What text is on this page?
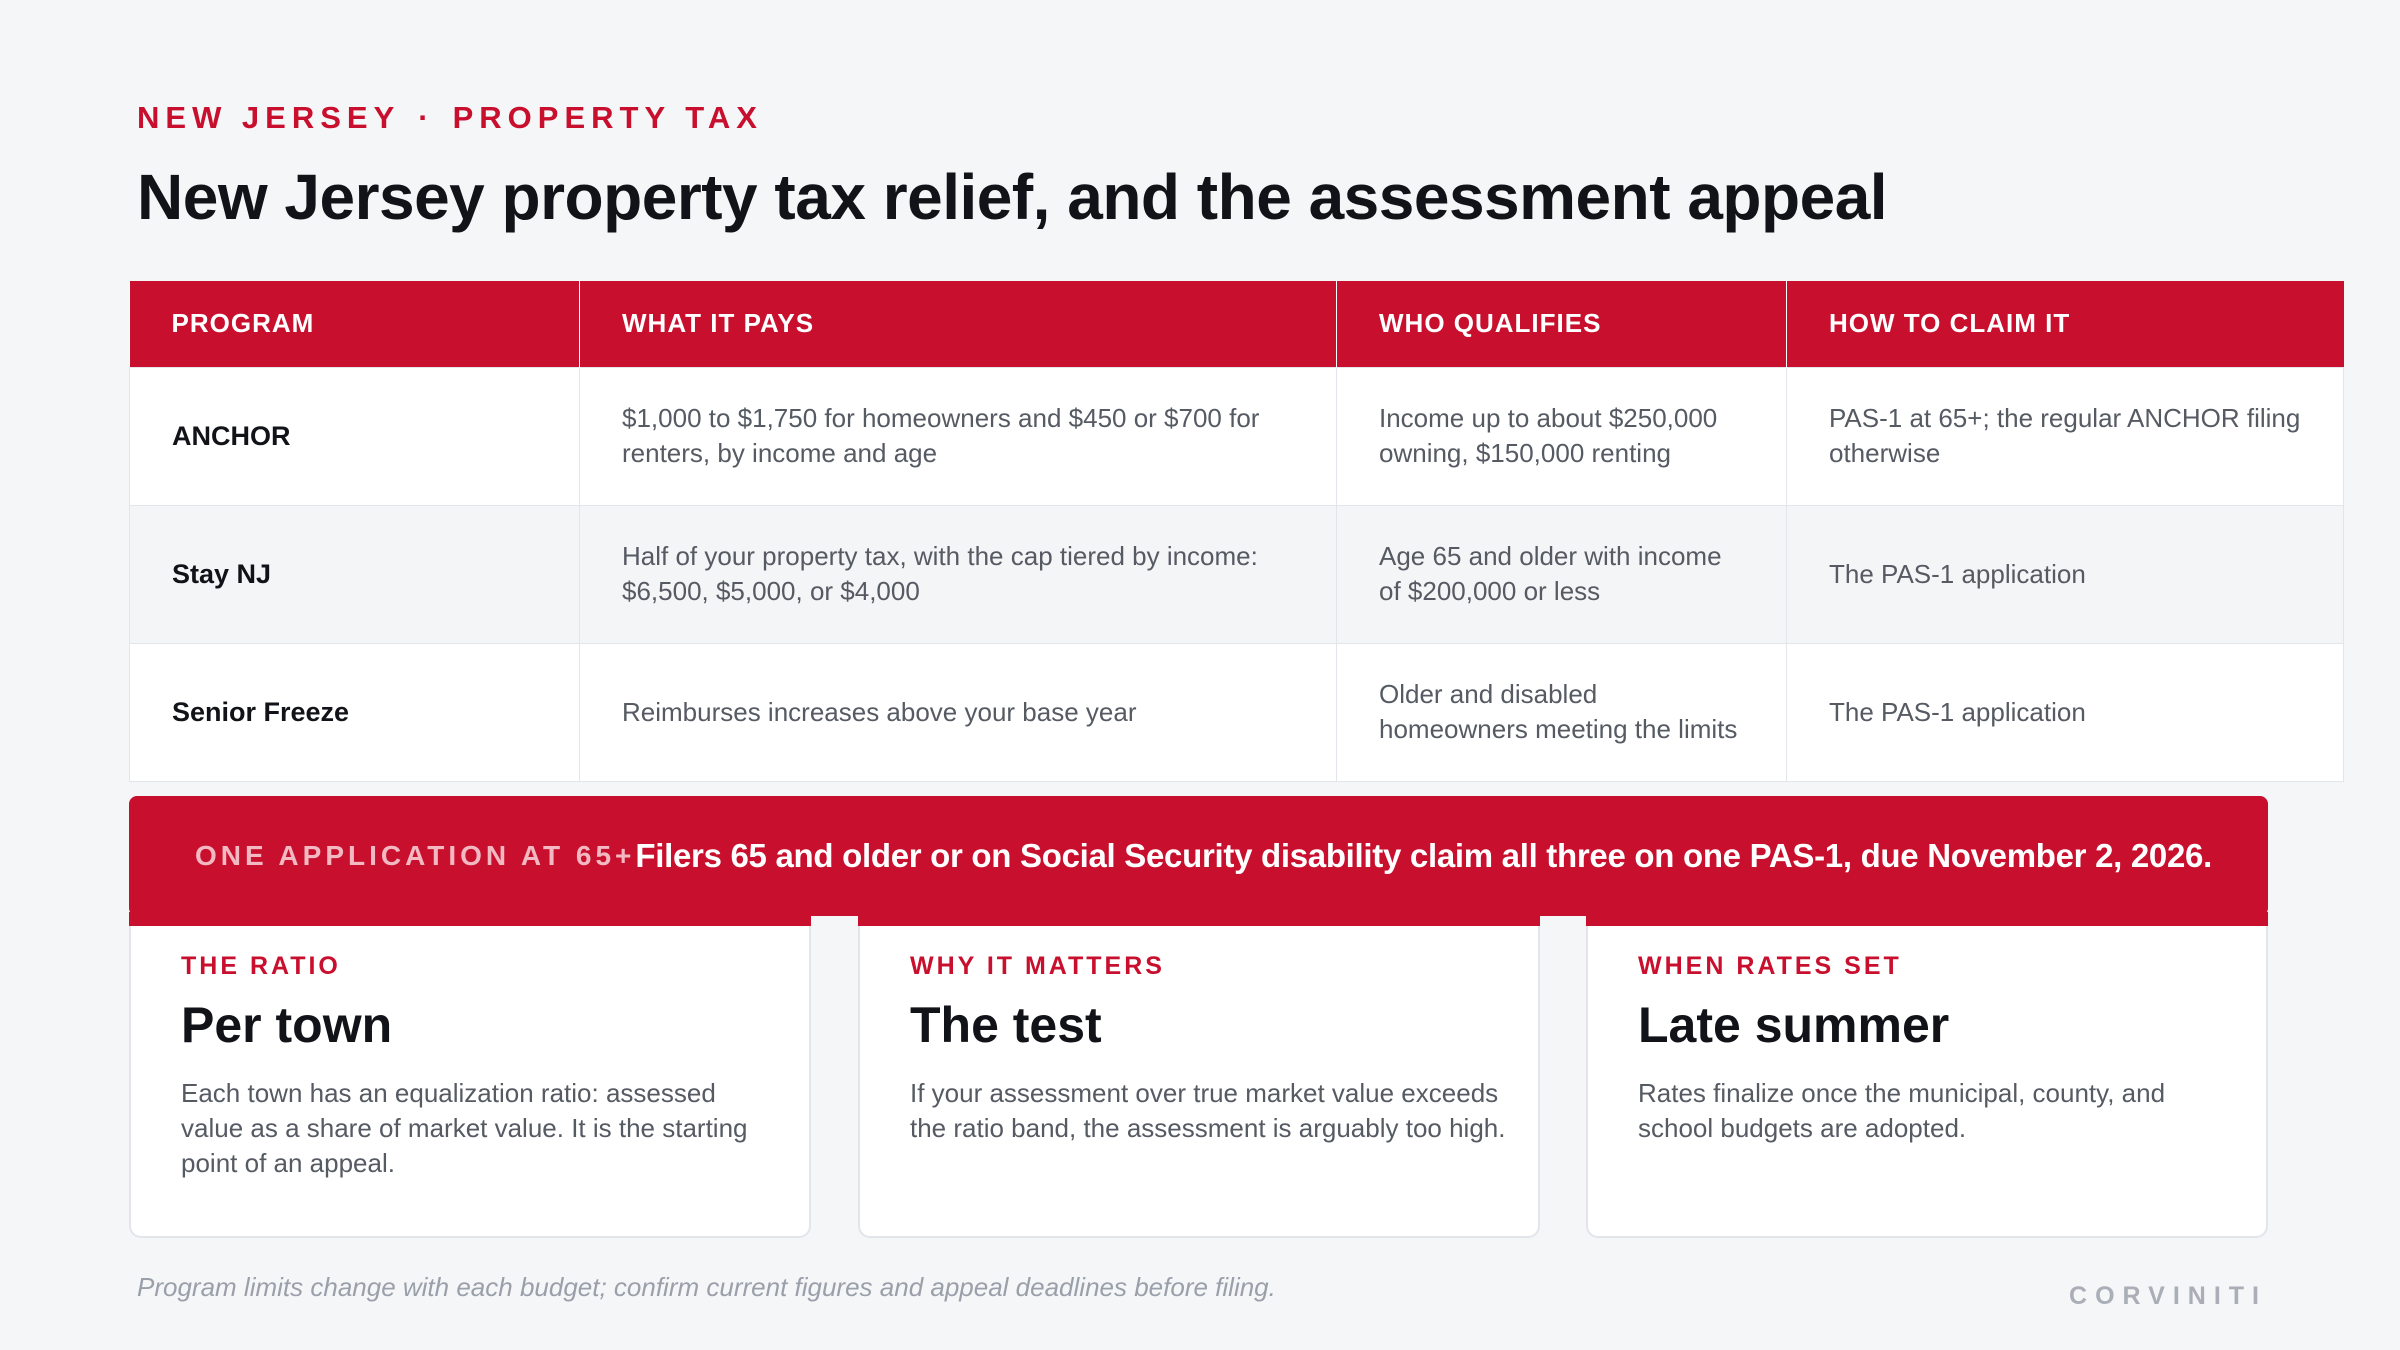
NEW JERSEY · PROPERTY TAX
New Jersey property tax relief, and the assessment appeal
PROGRAM	WHAT IT PAYS	WHO QUALIFIES	HOW TO CLAIM IT
ANCHOR	$1,000 to $1,750 for homeowners and $450 or $700 for renters, by income and age	Income up to about $250,000 owning, $150,000 renting	PAS-1 at 65+; the regular ANCHOR filing otherwise
Stay NJ	Half of your property tax, with the cap tiered by income: $6,500, $5,000, or $4,000	Age 65 and older with income of $200,000 or less	The PAS-1 application
Senior Freeze	Reimburses increases above your base year	Older and disabled homeowners meeting the limits	The PAS-1 application
ONE APPLICATION AT 65+ Filers 65 and older or on Social Security disability claim all three on one PAS-1, due November 2, 2026.
THE RATIO
Per town
Each town has an equalization ratio: assessed value as a share of market value. It is the starting point of an appeal.
WHY IT MATTERS
The test
If your assessment over true market value exceeds the ratio band, the assessment is arguably too high.
WHEN RATES SET
Late summer
Rates finalize once the municipal, county, and school budgets are adopted.
Program limits change with each budget; confirm current figures and appeal deadlines before filing.	CORVINITI
